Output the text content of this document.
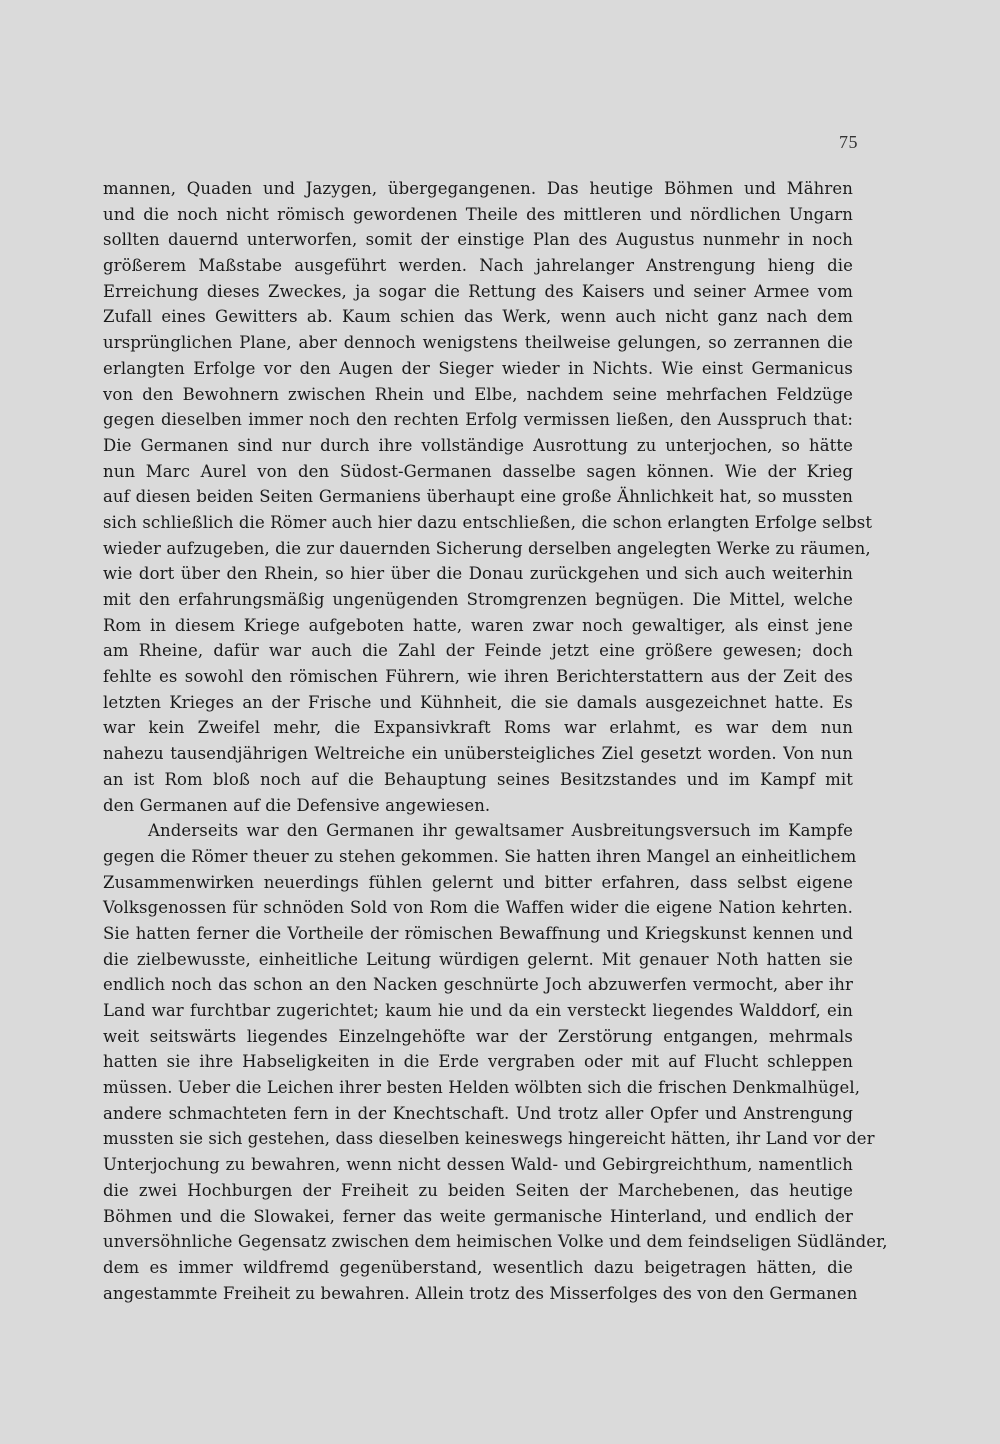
75
mannen, Quaden und Jazygen, übergegangenen. Das heutige Böhmen und Mähren
und die noch nicht römisch gewordenen Theile des mittleren und nördlichen Ungarn
sollten dauernd unterworfen, somit der einstige Plan des Augustus nunmehr in noch
größerem Maßstabe ausgeführt werden. Nach jahrelanger Anstrengung hieng die
Erreichung dieses Zweckes, ja sogar die Rettung des Kaisers und seiner Armee vom
Zufall eines Gewitters ab. Kaum schien das Werk, wenn auch nicht ganz nach dem
ursprünglichen Plane, aber dennoch wenigstens theilweise gelungen, so zerrannen die
erlangten Erfolge vor den Augen der Sieger wieder in Nichts. Wie einst Germanicus
von den Bewohnern zwischen Rhein und Elbe, nachdem seine mehrfachen Feldzüge
gegen dieselben immer noch den rechten Erfolg vermissen ließen, den Ausspruch that:
Die Germanen sind nur durch ihre vollständige Ausrottung zu unterjochen, so hätte
nun Marc Aurel von den Südost-Germanen dasselbe sagen können. Wie der Krieg
auf diesen beiden Seiten Germaniens überhaupt eine große Ähnlichkeit hat, so mussten
sich schließlich die Römer auch hier dazu entschließen, die schon erlangten Erfolge selbst
wieder aufzugeben, die zur dauernden Sicherung derselben angelegten Werke zu räumen,
wie dort über den Rhein, so hier über die Donau zurückgehen und sich auch weiterhin
mit den erfahrungsmäßig ungenügenden Stromgrenzen begnügen. Die Mittel, welche
Rom in diesem Kriege aufgeboten hatte, waren zwar noch gewaltiger, als einst jene
am Rheine, dafür war auch die Zahl der Feinde jetzt eine größere gewesen; doch
fehlte es sowohl den römischen Führern, wie ihren Berichterstattern aus der Zeit des
letzten Krieges an der Frische und Kühnheit, die sie damals ausgezeichnet hatte. Es
war kein Zweifel mehr, die Expansivkraft Roms war erlahmt, es war dem nun
nahezu tausendjährigen Weltreiche ein unübersteigliches Ziel gesetzt worden. Von nun
an ist Rom bloß noch auf die Behauptung seines Besitzstandes und im Kampf mit
den Germanen auf die Defensive angewiesen.
Anderseits war den Germanen ihr gewaltsamer Ausbreitungsversuch im Kampfe
gegen die Römer theuer zu stehen gekommen. Sie hatten ihren Mangel an einheitlichem
Zusammenwirken neuerdings fühlen gelernt und bitter erfahren, dass selbst eigene
Volksgenossen für schnöden Sold von Rom die Waffen wider die eigene Nation kehrten.
Sie hatten ferner die Vortheile der römischen Bewaffnung und Kriegskunst kennen und
die zielbewusste, einheitliche Leitung würdigen gelernt. Mit genauer Noth hatten sie
endlich noch das schon an den Nacken geschnürte Joch abzuwerfen vermocht, aber ihr
Land war furchtbar zugerichtet; kaum hie und da ein versteckt liegendes Walddorf, ein
weit seitswärts liegendes Einzelngehöfte war der Zerstörung entgangen, mehrmals
hatten sie ihre Habseligkeiten in die Erde vergraben oder mit auf Flucht schleppen
müssen. Ueber die Leichen ihrer besten Helden wölbten sich die frischen Denkmalhügel,
andere schmachteten fern in der Knechtschaft. Und trotz aller Opfer und Anstrengung
mussten sie sich gestehen, dass dieselben keineswegs hingereicht hätten, ihr Land vor der
Unterjochung zu bewahren, wenn nicht dessen Wald- und Gebirgreichthum, namentlich
die zwei Hochburgen der Freiheit zu beiden Seiten der Marchebenen, das heutige
Böhmen und die Slowakei, ferner das weite germanische Hinterland, und endlich der
unversöhnliche Gegensatz zwischen dem heimischen Volke und dem feindseligen Südländer,
dem es immer wildfremd gegenüberstand, wesentlich dazu beigetragen hätten, die
angestammte Freiheit zu bewahren. Allein trotz des Misserfolges des von den Germanen
